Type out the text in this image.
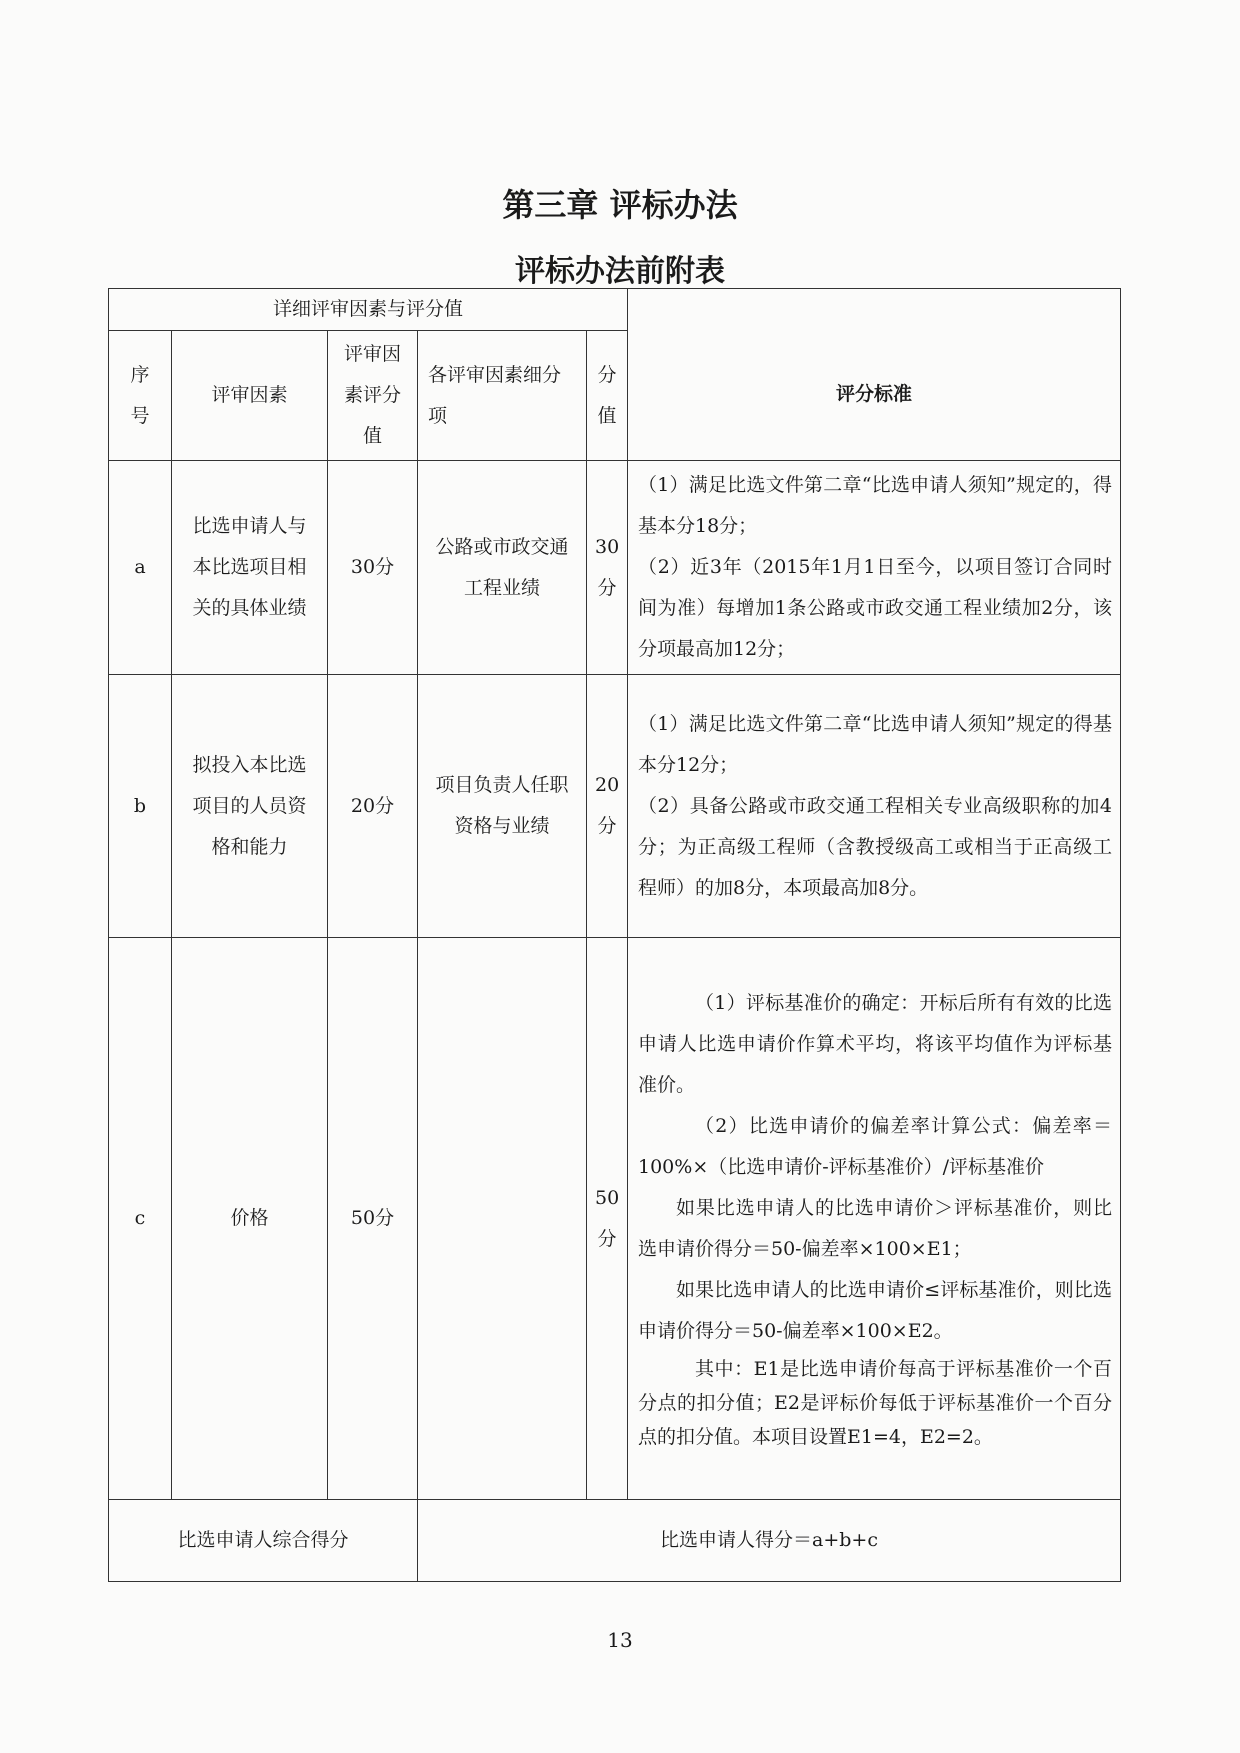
第三章 评标办法
评标办法前附表
详细评审因素与评分值					评分标准
序号	评审因素	评审因素评分值	各评审因素细分项	分值	
a	比选申请人与本比选项目相关的具体业绩	30分	公路或市政交通工程业绩	30分	（1）满足比选文件第二章“比选申请人须知”规定的，得基本分18分；

（2）近3年（2015年1月1日至今，以项目签订合同时间为准）每增加1条公路或市政交通工程业绩加2分，该分项最高加12分；

b	拟投入本比选项目的人员资格和能力	20分	项目负责人任职资格与业绩	20分	（1）满足比选文件第二章“比选申请人须知”规定的得基本分12分；

（2）具备公路或市政交通工程相关专业高级职称的加4分；为正高级工程师（含教授级高工或相当于正高级工程师）的加8分，本项最高加8分。

c	价格	50分		50分	（1）评标基准价的确定：开标后所有有效的比选申请人比选申请价作算术平均，将该平均值作为评标基准价。

（2）比选申请价的偏差率计算公式：偏差率＝100%×（比选申请价-评标基准价）/评标基准价

如果比选申请人的比选申请价＞评标基准价，则比选申请价得分＝50-偏差率×100×E1；

如果比选申请人的比选申请价≤评标基准价，则比选申请价得分＝50-偏差率×100×E2。

其中：E1是比选申请价每高于评标基准价一个百分点的扣分值；E2是评标价每低于评标基准价一个百分点的扣分值。本项目设置E1=4，E2=2。

比选申请人综合得分			比选申请人得分＝a+b+c		
13
